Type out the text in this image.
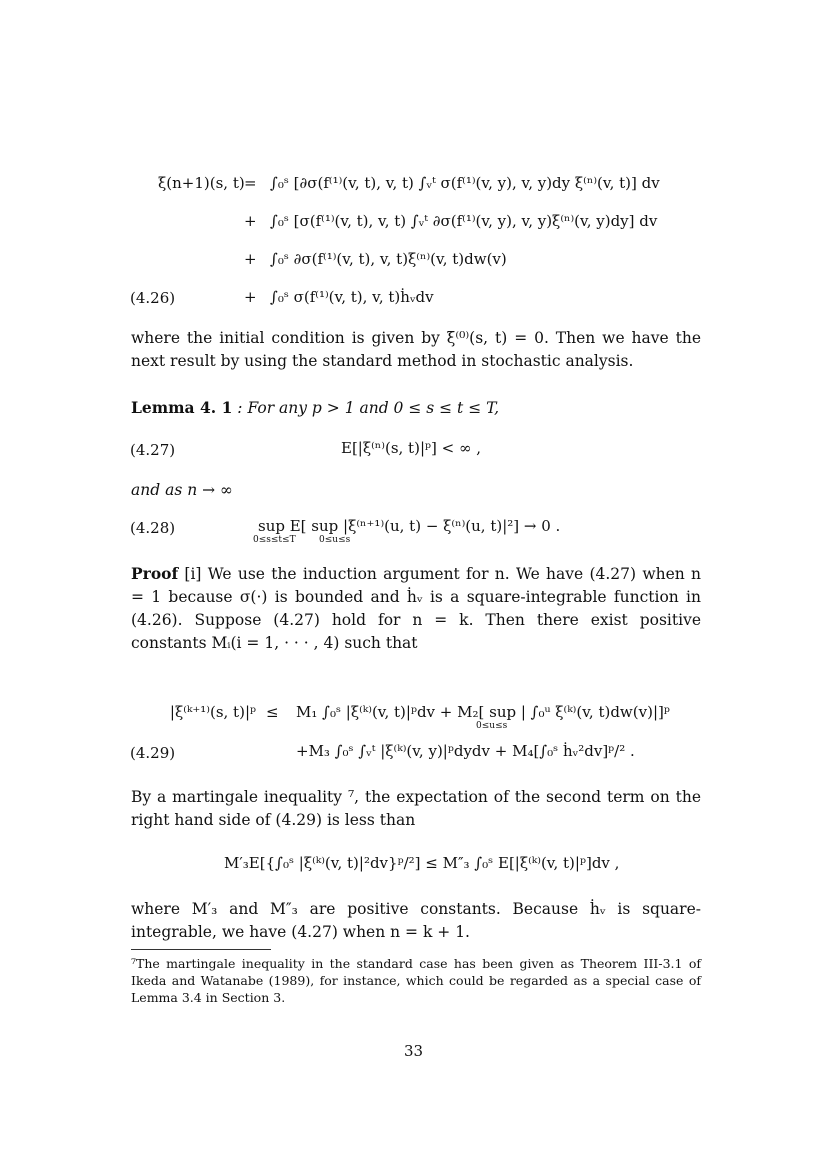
ξ(n+1)(s, t) = ∫₀ˢ [∂σ(f⁽¹⁾(v, t), v, t) ∫ᵥᵗ σ(f⁽¹⁾(v, y), v, y)dy ξ⁽ⁿ⁾(v, t)] dv
+ ∫₀ˢ [σ(f⁽¹⁾(v, t), v, t) ∫ᵥᵗ ∂σ(f⁽¹⁾(v, y), v, y)ξ⁽ⁿ⁾(v, y)dy] dv
+ ∫₀ˢ ∂σ(f⁽¹⁾(v, t), v, t)ξ⁽ⁿ⁾(v, t)dw(v)
(4.26)	+ ∫₀ˢ σ(f⁽¹⁾(v, t), v, t)ḣᵥdv
where the initial condition is given by ξ⁽⁰⁾(s, t) = 0. Then we have the next result by using the standard method in stochastic analysis.
Lemma 4. 1 : For any p > 1 and 0 ≤ s ≤ t ≤ T,
(4.27)	E[|ξ⁽ⁿ⁾(s, t)|ᵖ] < ∞ ,
and as n → ∞
(4.28)	sup E[ sup |ξ⁽ⁿ⁺¹⁾(u, t) − ξ⁽ⁿ⁾(u, t)|²] → 0 .
0≤s≤t≤T	0≤u≤s
Proof [i] We use the induction argument for n. We have (4.27) when n = 1 because σ(·) is bounded and ḣᵥ is a square-integrable function in (4.26). Suppose (4.27) hold for n = k. Then there exist positive constants Mᵢ(i = 1, · · · , 4) such that
|ξ⁽ᵏ⁺¹⁾(s, t)|ᵖ ≤ M₁ ∫₀ˢ |ξ⁽ᵏ⁾(v, t)|ᵖdv + M₂[ sup | ∫₀ᵘ ξ⁽ᵏ⁾(v, t)dw(v)|]ᵖ
0≤u≤s
(4.29)	+M₃ ∫₀ˢ ∫ᵥᵗ |ξ⁽ᵏ⁾(v, y)|ᵖdydv + M₄[∫₀ˢ ḣᵥ²dv]ᵖ/² .
By a martingale inequality ⁷, the expectation of the second term on the right hand side of (4.29) is less than
M′₃E[{∫₀ˢ |ξ⁽ᵏ⁾(v, t)|²dv}ᵖ/²] ≤ M″₃ ∫₀ˢ E[|ξ⁽ᵏ⁾(v, t)|ᵖ]dv ,
where M′₃ and M″₃ are positive constants. Because ḣᵥ is square-integrable, we have (4.27) when n = k + 1.
⁷The martingale inequality in the standard case has been given as Theorem III-3.1 of Ikeda and Watanabe (1989), for instance, which could be regarded as a special case of Lemma 3.4 in Section 3.
33
